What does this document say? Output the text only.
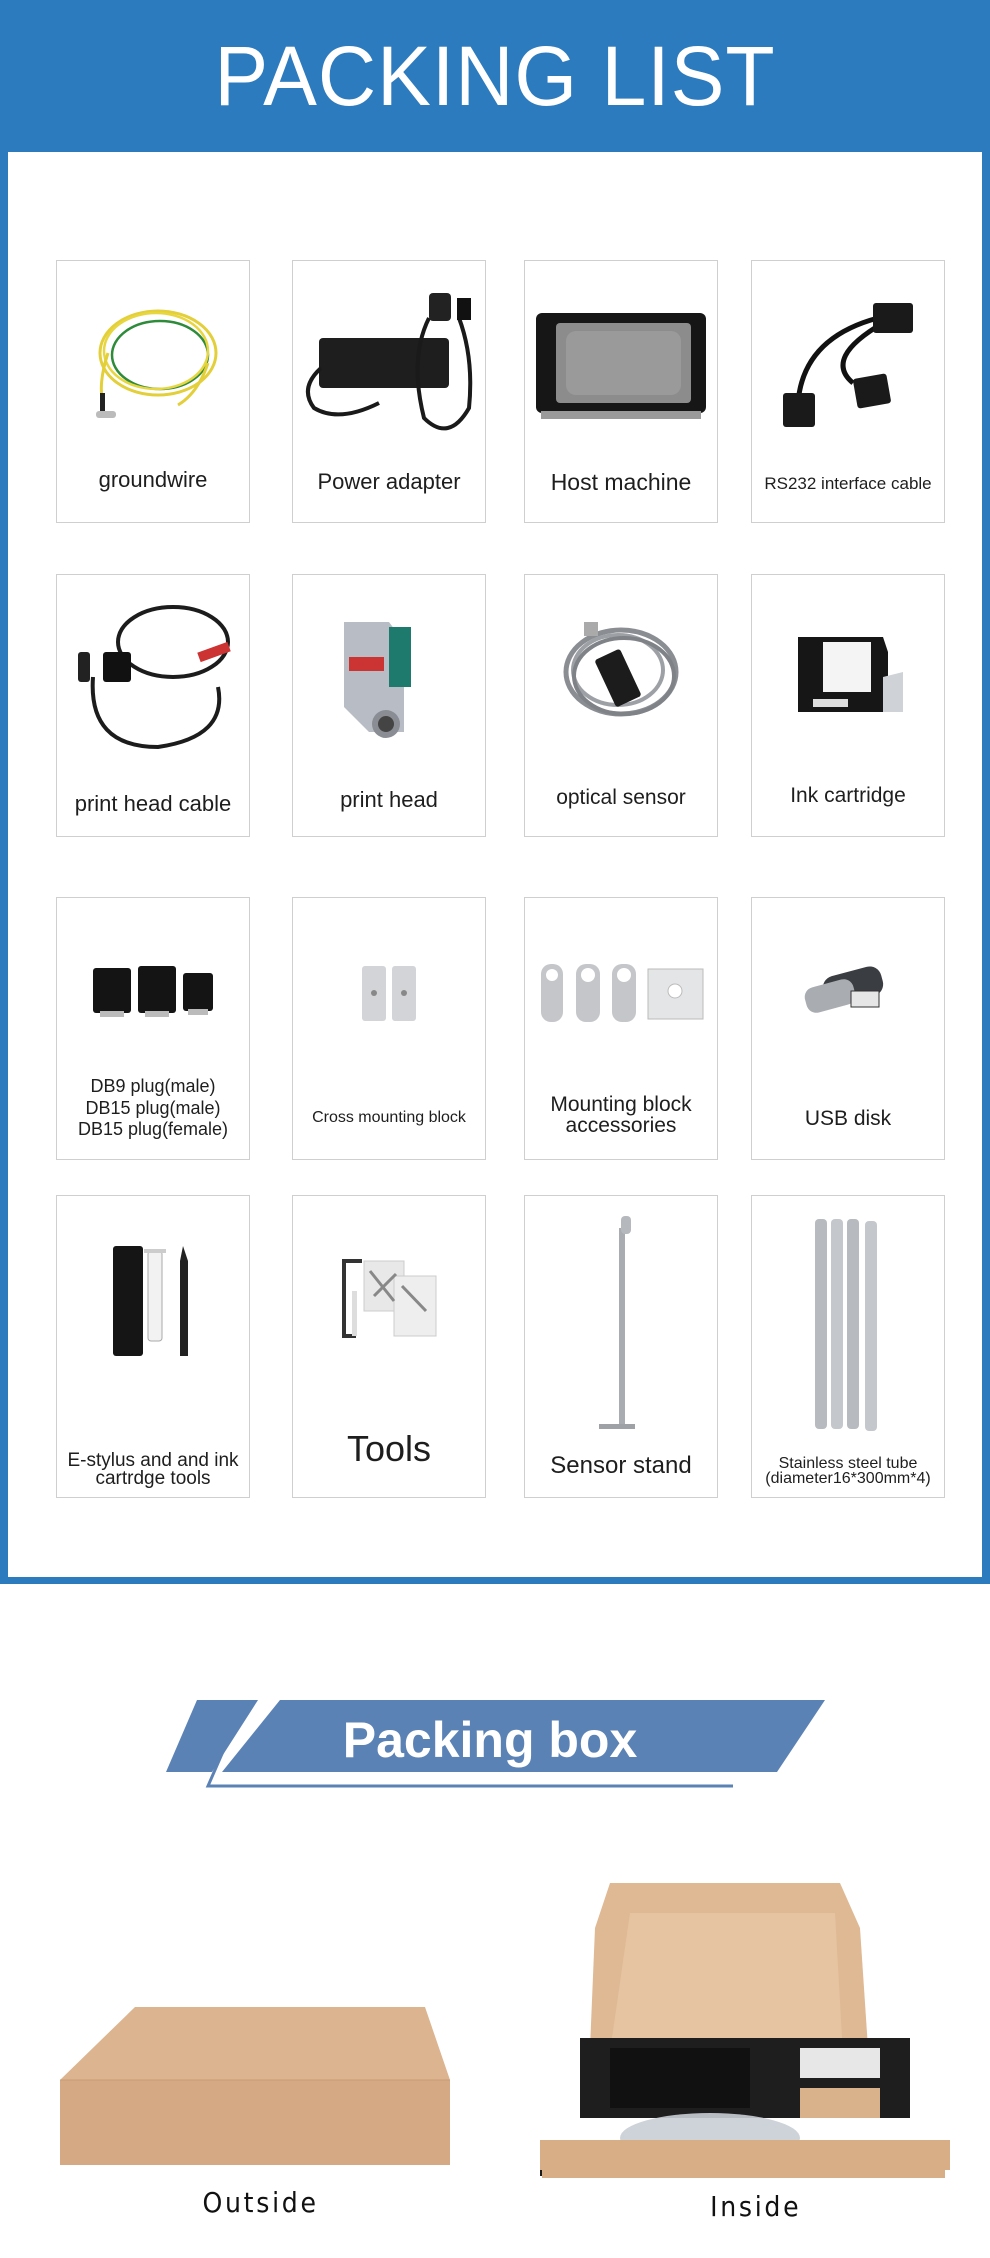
PACKING LIST
groundwire	Power adapter	Host machine	RS232 interface cable
print head cable	print head	optical sensor	Ink cartridge
DB9 plug(male)
DB15 plug(male)
DB15 plug(female)
Cross mounting block
Mounting block
accessories	USB disk
E-stylus and and ink
cartrdge tools
Tools	Sensor stand	Stainless steel tube
(diameter16*300mm*4)
Packing box
Outside	Inside
